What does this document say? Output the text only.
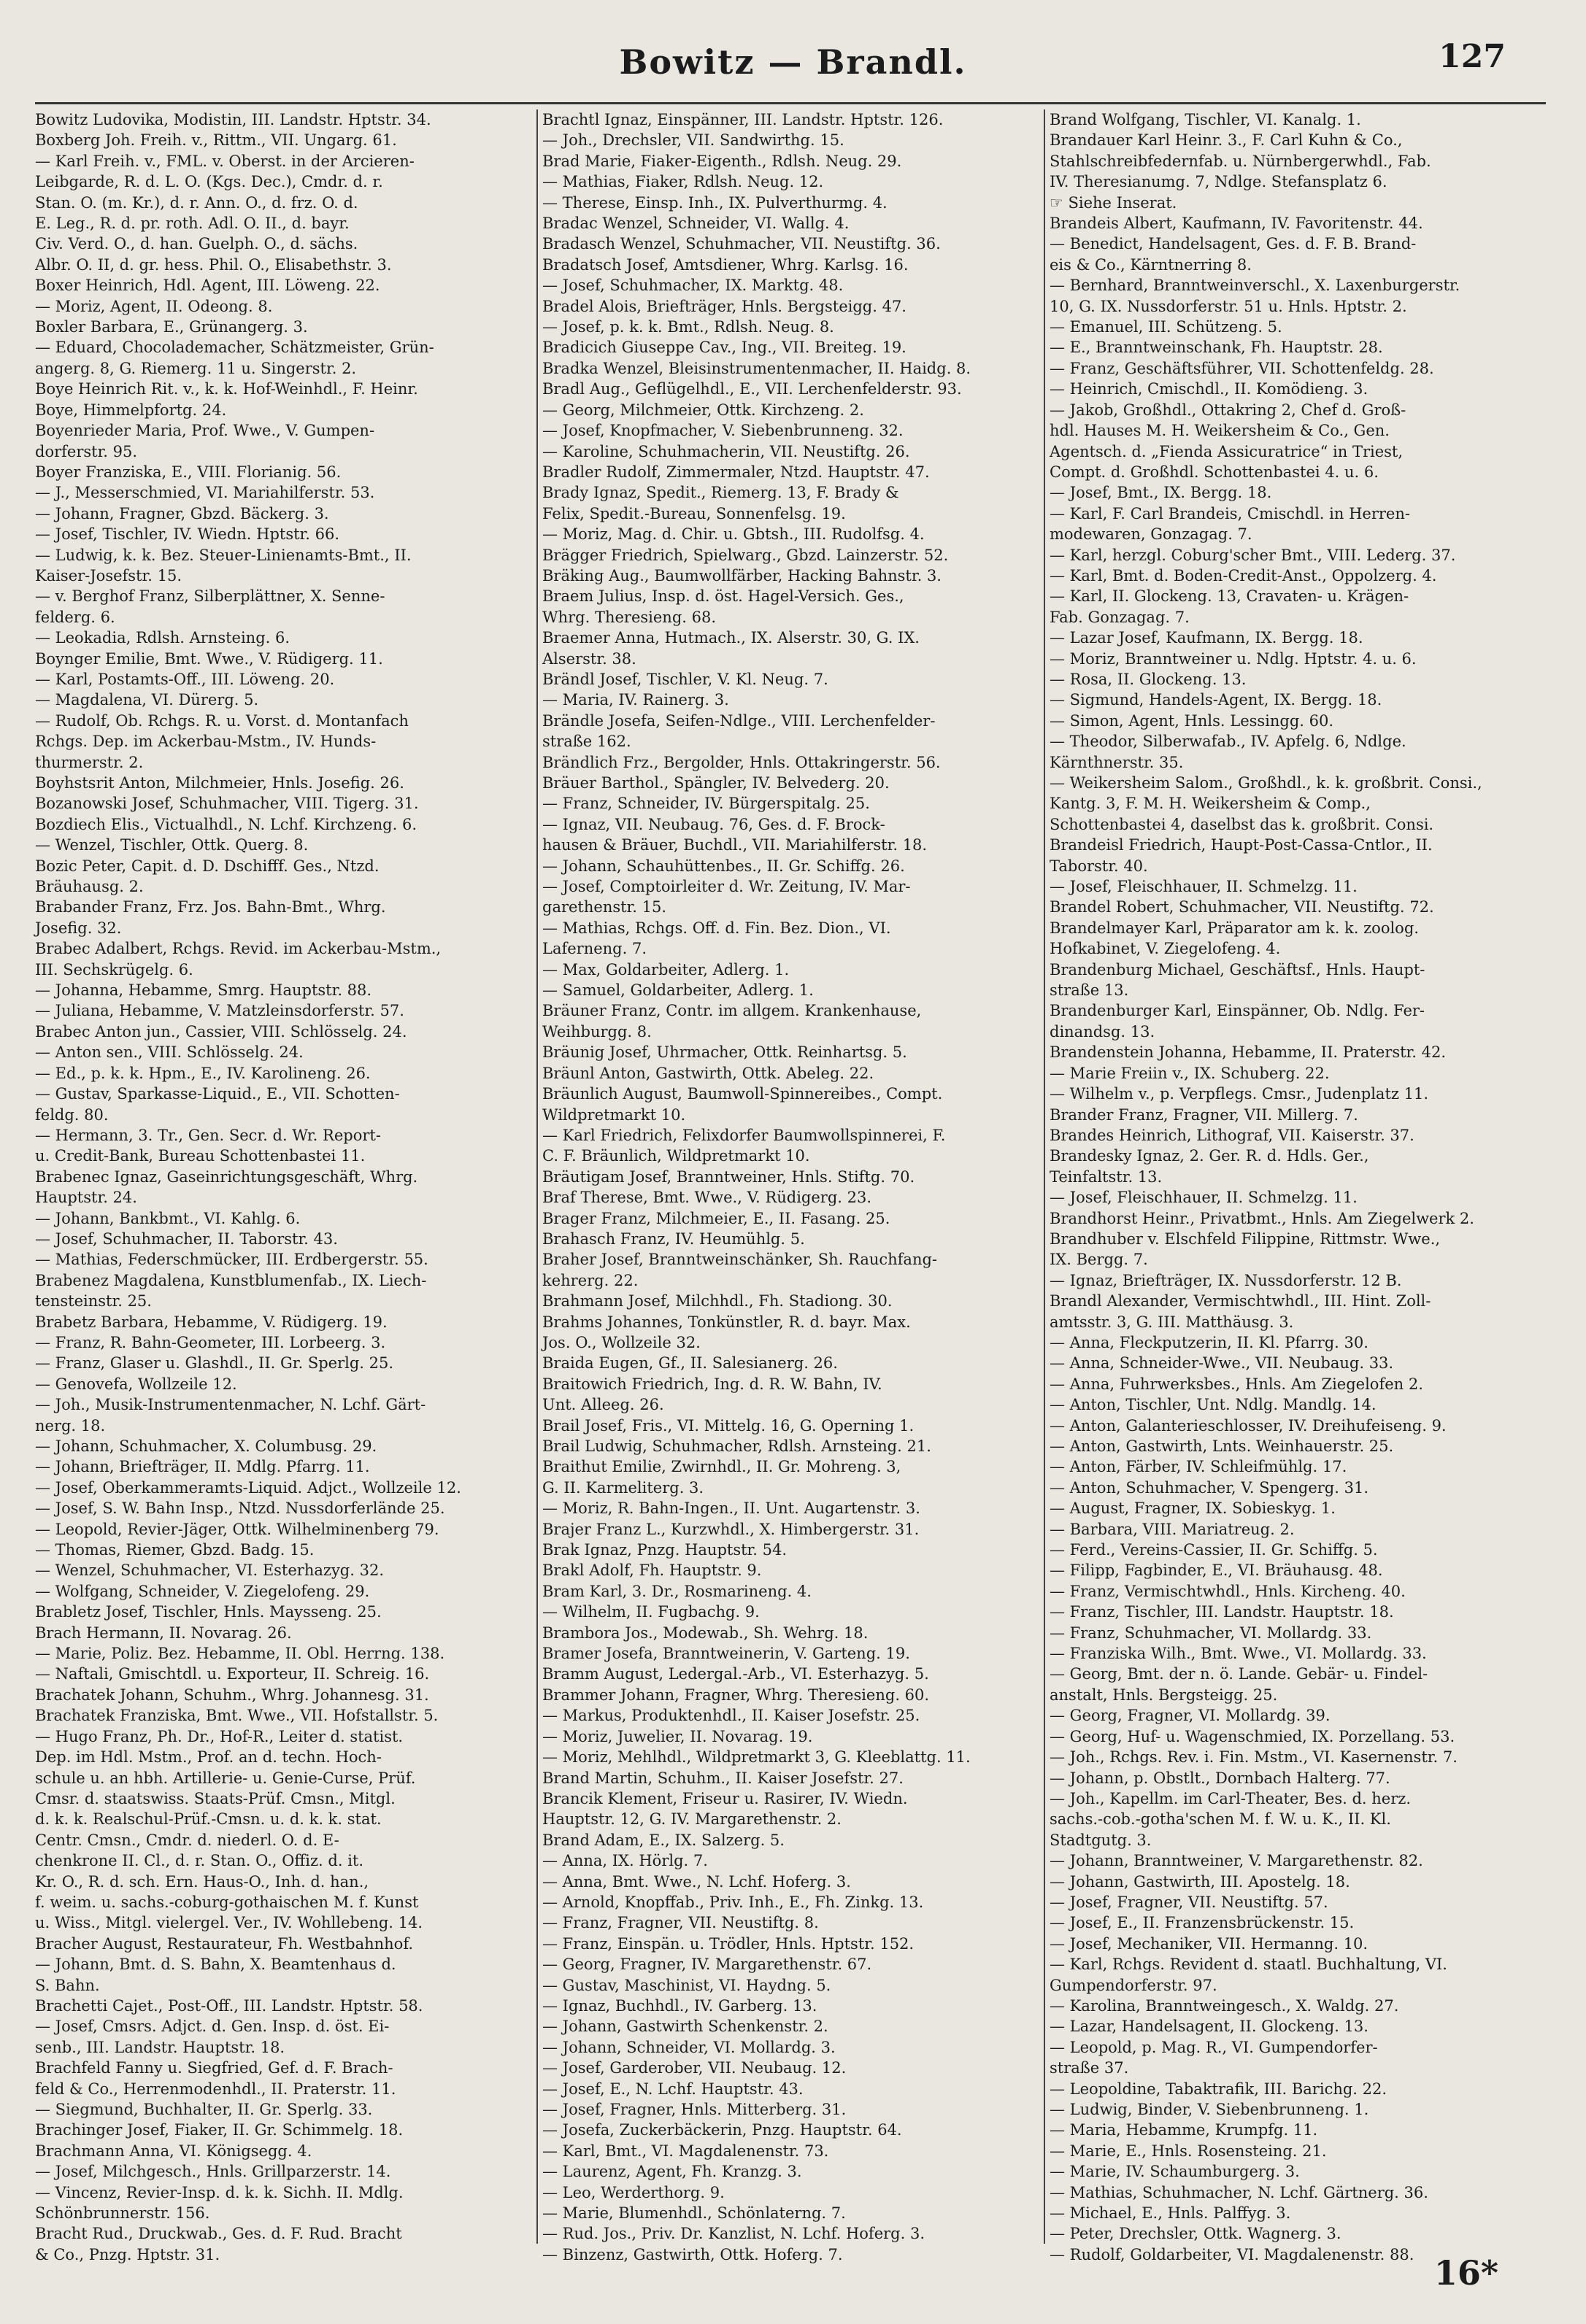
Bowitz — Brandl.	127
Bowitz Ludovika, Modistin, III. Landstr. Hptstr. 34.
Boxberg Joh. Freih. v., Rittm., VII. Ungarg. 61.
— Karl Freih. v., FML. v. Oberst. in der Arcieren-
Leibgarde, R. d. L. O. (Kgs. Dec.), Cmdr. d. r.
Stan. O. (m. Kr.), d. r. Ann. O., d. frz. O. d.
E. Leg., R. d. pr. roth. Adl. O. II., d. bayr.
Civ. Verd. O., d. han. Guelph. O., d. sächs.
Albr. O. II, d. gr. hess. Phil. O., Elisabethstr. 3.
Boxer Heinrich, Hdl. Agent, III. Löweng. 22.
— Moriz, Agent, II. Odeong. 8.
Boxler Barbara, E., Grünangerg. 3.
— Eduard, Chocolademacher, Schätzmeister, Grün-
angerg. 8, G. Riemerg. 11 u. Singerstr. 2.
Boye Heinrich Rit. v., k. k. Hof-Weinhdl., F. Heinr.
Boye, Himmelpfortg. 24.
Boyenrieder Maria, Prof. Wwe., V. Gumpen-
dorferstr. 95.
Boyer Franziska, E., VIII. Florianig. 56.
— J., Messerschmied, VI. Mariahilferstr. 53.
— Johann, Fragner, Gbzd. Bäckerg. 3.
— Josef, Tischler, IV. Wiedn. Hptstr. 66.
— Ludwig, k. k. Bez. Steuer-Linienamts-Bmt., II.
Kaiser-Josefstr. 15.
— v. Berghof Franz, Silberplättner, X. Senne-
felderg. 6.
— Leokadia, Rdlsh. Arnsteing. 6.
Boynger Emilie, Bmt. Wwe., V. Rüdigerg. 11.
— Karl, Postamts-Off., III. Löweng. 20.
— Magdalena, VI. Dürerg. 5.
— Rudolf, Ob. Rchgs. R. u. Vorst. d. Montanfach
Rchgs. Dep. im Ackerbau-Mstm., IV. Hunds-
thurmerstr. 2.
Boyhstsrit Anton, Milchmeier, Hnls. Josefig. 26.
Bozanowski Josef, Schuhmacher, VIII. Tigerg. 31.
Bozdiech Elis., Victualhdl., N. Lchf. Kirchzeng. 6.
— Wenzel, Tischler, Ottk. Querg. 8.
Bozic Peter, Capit. d. D. Dschifff. Ges., Ntzd.
Bräuhausg. 2.
Brabander Franz, Frz. Jos. Bahn-Bmt., Whrg.
Josefig. 32.
Brabec Adalbert, Rchgs. Revid. im Ackerbau-Mstm.,
III. Sechskrügelg. 6.
— Johanna, Hebamme, Smrg. Hauptstr. 88.
— Juliana, Hebamme, V. Matzleinsdorferstr. 57.
Brabec Anton jun., Cassier, VIII. Schlösselg. 24.
— Anton sen., VIII. Schlösselg. 24.
— Ed., p. k. k. Hpm., E., IV. Karolineng. 26.
— Gustav, Sparkasse-Liquid., E., VII. Schotten-
feldg. 80.
— Hermann, 3. Tr., Gen. Secr. d. Wr. Report-
u. Credit-Bank, Bureau Schottenbastei 11.
Brabenec Ignaz, Gaseinrichtungsgeschäft, Whrg.
Hauptstr. 24.
— Johann, Bankbmt., VI. Kahlg. 6.
— Josef, Schuhmacher, II. Taborstr. 43.
— Mathias, Federschmücker, III. Erdbergerstr. 55.
Brabenez Magdalena, Kunstblumenfab., IX. Liech-
tensteinstr. 25.
Brabetz Barbara, Hebamme, V. Rüdigerg. 19.
— Franz, R. Bahn-Geometer, III. Lorbeerg. 3.
— Franz, Glaser u. Glashdl., II. Gr. Sperlg. 25.
— Genovefa, Wollzeile 12.
— Joh., Musik-Instrumentenmacher, N. Lchf. Gärt-
nerg. 18.
— Johann, Schuhmacher, X. Columbusg. 29.
— Johann, Briefträger, II. Mdlg. Pfarrg. 11.
— Josef, Oberkammeramts-Liquid. Adjct., Wollzeile 12.
— Josef, S. W. Bahn Insp., Ntzd. Nussdorferlände 25.
— Leopold, Revier-Jäger, Ottk. Wilhelminenberg 79.
— Thomas, Riemer, Gbzd. Badg. 15.
— Wenzel, Schuhmacher, VI. Esterhazyg. 32.
— Wolfgang, Schneider, V. Ziegelofeng. 29.
Brabletz Josef, Tischler, Hnls. Maysseng. 25.
Brach Hermann, II. Novarag. 26.
— Marie, Poliz. Bez. Hebamme, II. Obl. Herrng. 138.
— Naftali, Gmischtdl. u. Exporteur, II. Schreig. 16.
Brachatek Johann, Schuhm., Whrg. Johannesg. 31.
Brachatek Franziska, Bmt. Wwe., VII. Hofstallstr. 5.
— Hugo Franz, Ph. Dr., Hof-R., Leiter d. statist.
Dep. im Hdl. Mstm., Prof. an d. techn. Hoch-
schule u. an hbh. Artillerie- u. Genie-Curse, Prüf.
Cmsr. d. staatswiss. Staats-Prüf. Cmsn., Mitgl.
d. k. k. Realschul-Prüf.-Cmsn. u. d. k. k. stat.
Centr. Cmsn., Cmdr. d. niederl. O. d. E-
chenkrone II. Cl., d. r. Stan. O., Offiz. d. it.
Kr. O., R. d. sch. Ern. Haus-O., Inh. d. han.,
f. weim. u. sachs.-coburg-gothaischen M. f. Kunst
u. Wiss., Mitgl. vielergel. Ver., IV. Wohllebeng. 14.
Bracher August, Restaurateur, Fh. Westbahnhof.
— Johann, Bmt. d. S. Bahn, X. Beamtenhaus d.
S. Bahn.
Brachetti Cajet., Post-Off., III. Landstr. Hptstr. 58.
— Josef, Cmsrs. Adjct. d. Gen. Insp. d. öst. Ei-
senb., III. Landstr. Hauptstr. 18.
Brachfeld Fanny u. Siegfried, Gef. d. F. Brach-
feld & Co., Herrenmodenhdl., II. Praterstr. 11.
— Siegmund, Buchhalter, II. Gr. Sperlg. 33.
Brachinger Josef, Fiaker, II. Gr. Schimmelg. 18.
Brachmann Anna, VI. Königsegg. 4.
— Josef, Milchgesch., Hnls. Grillparzerstr. 14.
— Vincenz, Revier-Insp. d. k. k. Sichh. II. Mdlg.
Schönbrunnerstr. 156.
Bracht Rud., Druckwab., Ges. d. F. Rud. Bracht
& Co., Pnzg. Hptstr. 31.
Brachtl Ignaz, Einspänner, III. Landstr. Hptstr. 126.
— Joh., Drechsler, VII. Sandwirthg. 15.
Brad Marie, Fiaker-Eigenth., Rdlsh. Neug. 29.
— Mathias, Fiaker, Rdlsh. Neug. 12.
— Therese, Einsp. Inh., IX. Pulverthurmg. 4.
Bradac Wenzel, Schneider, VI. Wallg. 4.
Bradasch Wenzel, Schuhmacher, VII. Neustiftg. 36.
Bradatsch Josef, Amtsdiener, Whrg. Karlsg. 16.
— Josef, Schuhmacher, IX. Marktg. 48.
Bradel Alois, Briefträger, Hnls. Bergsteigg. 47.
— Josef, p. k. k. Bmt., Rdlsh. Neug. 8.
Bradicich Giuseppe Cav., Ing., VII. Breiteg. 19.
Bradka Wenzel, Bleisinstrumentenmacher, II. Haidg. 8.
Bradl Aug., Geflügelhdl., E., VII. Lerchenfelderstr. 93.
— Georg, Milchmeier, Ottk. Kirchzeng. 2.
— Josef, Knopfmacher, V. Siebenbrunneng. 32.
— Karoline, Schuhmacherin, VII. Neustiftg. 26.
Bradler Rudolf, Zimmermaler, Ntzd. Hauptstr. 47.
Brady Ignaz, Spedit., Riemerg. 13, F. Brady &
Felix, Spedit.-Bureau, Sonnenfelsg. 19.
— Moriz, Mag. d. Chir. u. Gbtsh., III. Rudolfsg. 4.
Brägger Friedrich, Spielwarg., Gbzd. Lainzerstr. 52.
Bräking Aug., Baumwollfärber, Hacking Bahnstr. 3.
Braem Julius, Insp. d. öst. Hagel-Versich. Ges.,
Whrg. Theresieng. 68.
Braemer Anna, Hutmach., IX. Alserstr. 30, G. IX.
Alserstr. 38.
Brändl Josef, Tischler, V. Kl. Neug. 7.
— Maria, IV. Rainerg. 3.
Brändle Josefa, Seifen-Ndlge., VIII. Lerchenfelder-
straße 162.
Brändlich Frz., Bergolder, Hnls. Ottakringerstr. 56.
Bräuer Barthol., Spängler, IV. Belvederg. 20.
— Franz, Schneider, IV. Bürgerspitalg. 25.
— Ignaz, VII. Neubaug. 76, Ges. d. F. Brock-
hausen & Bräuer, Buchdl., VII. Mariahilferstr. 18.
— Johann, Schauhüttenbes., II. Gr. Schiffg. 26.
— Josef, Comptoirleiter d. Wr. Zeitung, IV. Mar-
garethenstr. 15.
— Mathias, Rchgs. Off. d. Fin. Bez. Dion., VI.
Laferneng. 7.
— Max, Goldarbeiter, Adlerg. 1.
— Samuel, Goldarbeiter, Adlerg. 1.
Bräuner Franz, Contr. im allgem. Krankenhause,
Weihburgg. 8.
Bräunig Josef, Uhrmacher, Ottk. Reinhartsg. 5.
Bräunl Anton, Gastwirth, Ottk. Abeleg. 22.
Bräunlich August, Baumwoll-Spinnereibes., Compt.
Wildpretmarkt 10.
— Karl Friedrich, Felixdorfer Baumwollspinnerei, F.
C. F. Bräunlich, Wildpretmarkt 10.
Bräutigam Josef, Branntweiner, Hnls. Stiftg. 70.
Braf Therese, Bmt. Wwe., V. Rüdigerg. 23.
Brager Franz, Milchmeier, E., II. Fasang. 25.
Brahasch Franz, IV. Heumühlg. 5.
Braher Josef, Branntweinschänker, Sh. Rauchfang-
kehrerg. 22.
Brahmann Josef, Milchhdl., Fh. Stadiong. 30.
Brahms Johannes, Tonkünstler, R. d. bayr. Max.
Jos. O., Wollzeile 32.
Braida Eugen, Gf., II. Salesianerg. 26.
Braitowich Friedrich, Ing. d. R. W. Bahn, IV.
Unt. Alleeg. 26.
Brail Josef, Fris., VI. Mittelg. 16, G. Operning 1.
Brail Ludwig, Schuhmacher, Rdlsh. Arnsteing. 21.
Braithut Emilie, Zwirnhdl., II. Gr. Mohreng. 3,
G. II. Karmeliterg. 3.
— Moriz, R. Bahn-Ingen., II. Unt. Augartenstr. 3.
Brajer Franz L., Kurzwhdl., X. Himbergerstr. 31.
Brak Ignaz, Pnzg. Hauptstr. 54.
Brakl Adolf, Fh. Hauptstr. 9.
Bram Karl, 3. Dr., Rosmarineng. 4.
— Wilhelm, II. Fugbachg. 9.
Brambora Jos., Modewab., Sh. Wehrg. 18.
Bramer Josefa, Branntweinerin, V. Garteng. 19.
Bramm August, Ledergal.-Arb., VI. Esterhazyg. 5.
Brammer Johann, Fragner, Whrg. Theresieng. 60.
— Markus, Produktenhdl., II. Kaiser Josefstr. 25.
— Moriz, Juwelier, II. Novarag. 19.
— Moriz, Mehlhdl., Wildpretmarkt 3, G. Kleeblattg. 11.
Brand Martin, Schuhm., II. Kaiser Josefstr. 27.
Brancik Klement, Friseur u. Rasirer, IV. Wiedn.
Hauptstr. 12, G. IV. Margarethenstr. 2.
Brand Adam, E., IX. Salzerg. 5.
— Anna, IX. Hörlg. 7.
— Anna, Bmt. Wwe., N. Lchf. Hoferg. 3.
— Arnold, Knopffab., Priv. Inh., E., Fh. Zinkg. 13.
— Franz, Fragner, VII. Neustiftg. 8.
— Franz, Einspän. u. Trödler, Hnls. Hptstr. 152.
— Georg, Fragner, IV. Margarethenstr. 67.
— Gustav, Maschinist, VI. Haydng. 5.
— Ignaz, Buchhdl., IV. Garberg. 13.
— Johann, Gastwirth Schenkenstr. 2.
— Johann, Schneider, VI. Mollardg. 3.
— Josef, Garderober, VII. Neubaug. 12.
— Josef, E., N. Lchf. Hauptstr. 43.
— Josef, Fragner, Hnls. Mitterberg. 31.
— Josefa, Zuckerbäckerin, Pnzg. Hauptstr. 64.
— Karl, Bmt., VI. Magdalenenstr. 73.
— Laurenz, Agent, Fh. Kranzg. 3.
— Leo, Werderthorg. 9.
— Marie, Blumenhdl., Schönlaterng. 7.
— Rud. Jos., Priv. Dr. Kanzlist, N. Lchf. Hoferg. 3.
— Binzenz, Gastwirth, Ottk. Hoferg. 7.
Brand Wolfgang, Tischler, VI. Kanalg. 1.
Brandauer Karl Heinr. 3., F. Carl Kuhn & Co.,
Stahlschreibfedernfab. u. Nürnbergerwhdl., Fab.
IV. Theresianumg. 7, Ndlge. Stefansplatz 6.
☞ Siehe Inserat.
Brandeis Albert, Kaufmann, IV. Favoritenstr. 44.
— Benedict, Handelsagent, Ges. d. F. B. Brand-
eis & Co., Kärntnerring 8.
— Bernhard, Branntweinverschl., X. Laxenburgerstr.
10, G. IX. Nussdorferstr. 51 u. Hnls. Hptstr. 2.
— Emanuel, III. Schützeng. 5.
— E., Branntweinschank, Fh. Hauptstr. 28.
— Franz, Geschäftsführer, VII. Schottenfeldg. 28.
— Heinrich, Cmischdl., II. Komödieng. 3.
— Jakob, Großhdl., Ottakring 2, Chef d. Groß-
hdl. Hauses M. H. Weikersheim & Co., Gen.
Agentsch. d. „Fienda Assicuratrice“ in Triest,
Compt. d. Großhdl. Schottenbastei 4. u. 6.
— Josef, Bmt., IX. Bergg. 18.
— Karl, F. Carl Brandeis, Cmischdl. in Herren-
modewaren, Gonzagag. 7.
— Karl, herzgl. Coburg'scher Bmt., VIII. Lederg. 37.
— Karl, Bmt. d. Boden-Credit-Anst., Oppolzerg. 4.
— Karl, II. Glockeng. 13, Cravaten- u. Krägen-
Fab. Gonzagag. 7.
— Lazar Josef, Kaufmann, IX. Bergg. 18.
— Moriz, Branntweiner u. Ndlg. Hptstr. 4. u. 6.
— Rosa, II. Glockeng. 13.
— Sigmund, Handels-Agent, IX. Bergg. 18.
— Simon, Agent, Hnls. Lessingg. 60.
— Theodor, Silberwafab., IV. Apfelg. 6, Ndlge.
Kärnthnerstr. 35.
— Weikersheim Salom., Großhdl., k. k. großbrit. Consi.,
Kantg. 3, F. M. H. Weikersheim & Comp.,
Schottenbastei 4, daselbst das k. großbrit. Consi.
Brandeisl Friedrich, Haupt-Post-Cassa-Cntlor., II.
Taborstr. 40.
— Josef, Fleischhauer, II. Schmelzg. 11.
Brandel Robert, Schuhmacher, VII. Neustiftg. 72.
Brandelmayer Karl, Präparator am k. k. zoolog.
Hofkabinet, V. Ziegelofeng. 4.
Brandenburg Michael, Geschäftsf., Hnls. Haupt-
straße 13.
Brandenburger Karl, Einspänner, Ob. Ndlg. Fer-
dinandsg. 13.
Brandenstein Johanna, Hebamme, II. Praterstr. 42.
— Marie Freiin v., IX. Schuberg. 22.
— Wilhelm v., p. Verpflegs. Cmsr., Judenplatz 11.
Brander Franz, Fragner, VII. Millerg. 7.
Brandes Heinrich, Lithograf, VII. Kaiserstr. 37.
Brandesky Ignaz, 2. Ger. R. d. Hdls. Ger.,
Teinfaltstr. 13.
— Josef, Fleischhauer, II. Schmelzg. 11.
Brandhorst Heinr., Privatbmt., Hnls. Am Ziegelwerk 2.
Brandhuber v. Elschfeld Filippine, Rittmstr. Wwe.,
IX. Bergg. 7.
— Ignaz, Briefträger, IX. Nussdorferstr. 12 B.
Brandl Alexander, Vermischtwhdl., III. Hint. Zoll-
amtsstr. 3, G. III. Matthäusg. 3.
— Anna, Fleckputzerin, II. Kl. Pfarrg. 30.
— Anna, Schneider-Wwe., VII. Neubaug. 33.
— Anna, Fuhrwerksbes., Hnls. Am Ziegelofen 2.
— Anton, Tischler, Unt. Ndlg. Mandlg. 14.
— Anton, Galanterieschlosser, IV. Dreihufeiseng. 9.
— Anton, Gastwirth, Lnts. Weinhauerstr. 25.
— Anton, Färber, IV. Schleifmühlg. 17.
— Anton, Schuhmacher, V. Spengerg. 31.
— August, Fragner, IX. Sobieskyg. 1.
— Barbara, VIII. Mariatreug. 2.
— Ferd., Vereins-Cassier, II. Gr. Schiffg. 5.
— Filipp, Fagbinder, E., VI. Bräuhausg. 48.
— Franz, Vermischtwhdl., Hnls. Kircheng. 40.
— Franz, Tischler, III. Landstr. Hauptstr. 18.
— Franz, Schuhmacher, VI. Mollardg. 33.
— Franziska Wilh., Bmt. Wwe., VI. Mollardg. 33.
— Georg, Bmt. der n. ö. Lande. Gebär- u. Findel-
anstalt, Hnls. Bergsteigg. 25.
— Georg, Fragner, VI. Mollardg. 39.
— Georg, Huf- u. Wagenschmied, IX. Porzellang. 53.
— Joh., Rchgs. Rev. i. Fin. Mstm., VI. Kasernenstr. 7.
— Johann, p. Obstlt., Dornbach Halterg. 77.
— Joh., Kapellm. im Carl-Theater, Bes. d. herz.
sachs.-cob.-gotha'schen M. f. W. u. K., II. Kl.
Stadtgutg. 3.
— Johann, Branntweiner, V. Margarethenstr. 82.
— Johann, Gastwirth, III. Apostelg. 18.
— Josef, Fragner, VII. Neustiftg. 57.
— Josef, E., II. Franzensbrückenstr. 15.
— Josef, Mechaniker, VII. Hermanng. 10.
— Karl, Rchgs. Revident d. staatl. Buchhaltung, VI.
Gumpendorferstr. 97.
— Karolina, Branntweingesch., X. Waldg. 27.
— Lazar, Handelsagent, II. Glockeng. 13.
— Leopold, p. Mag. R., VI. Gumpendorfer-
straße 37.
— Leopoldine, Tabaktrafik, III. Barichg. 22.
— Ludwig, Binder, V. Siebenbrunneng. 1.
— Maria, Hebamme, Krumpfg. 11.
— Marie, E., Hnls. Rosensteing. 21.
— Marie, IV. Schaumburgerg. 3.
— Mathias, Schuhmacher, N. Lchf. Gärtnerg. 36.
— Michael, E., Hnls. Palffyg. 3.
— Peter, Drechsler, Ottk. Wagnerg. 3.
— Rudolf, Goldarbeiter, VI. Magdalenenstr. 88. 16*
